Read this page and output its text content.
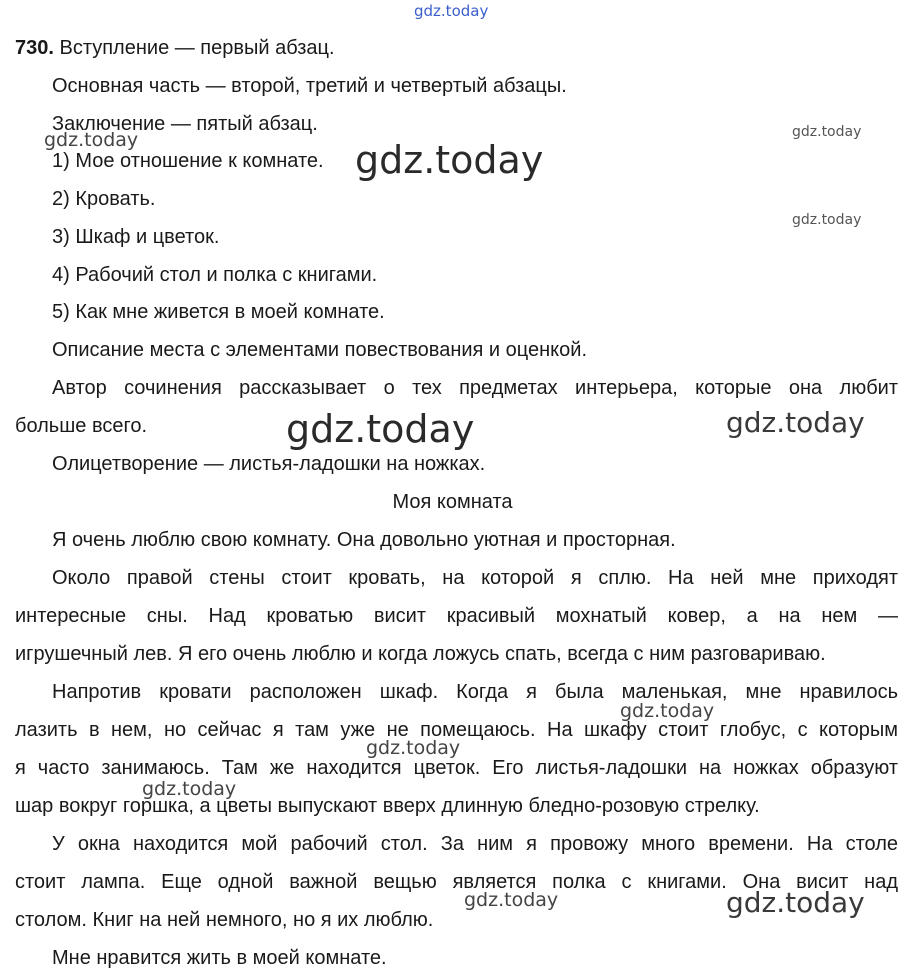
gdz.today
730. Вступление — первый абзац.
Основная часть — второй, третий и четвертый абзацы.
Заключение — пятый абзац.
1) Мое отношение к комнате.
2) Кровать.
3) Шкаф и цветок.
4) Рабочий стол и полка с книгами.
5) Как мне живется в моей комнате.
Описание места с элементами повествования и оценкой.
Автор сочинения рассказывает о тех предметах интерьера, которые она любит
больше всего.
Олицетворение — листья-ладошки на ножках.
Моя комната
Я очень люблю свою комнату. Она довольно уютная и просторная.
Около правой стены стоит кровать, на которой я сплю. На ней мне приходят
интересные сны. Над кроватью висит красивый мохнатый ковер, а на нем —
игрушечный лев. Я его очень люблю и когда ложусь спать, всегда с ним разговариваю.
Напротив кровати расположен шкаф. Когда я была маленькая, мне нравилось
лазить в нем, но сейчас я там уже не помещаюсь. На шкафу стоит глобус, с которым
я часто занимаюсь. Там же находится цветок. Его листья-ладошки на ножках образуют
шар вокруг горшка, а цветы выпускают вверх длинную бледно-розовую стрелку.
У окна находится мой рабочий стол. За ним я провожу много времени. На столе
стоит лампа. Еще одной важной вещью является полка с книгами. Она висит над
столом. Книг на ней немного, но я их люблю.
Мне нравится жить в моей комнате.
gdz.today	gdz.today
gdz.today
gdz.today
gdz.today	gdz.today
gdz.today
gdz.today
gdz.today
gdz.today	gdz.today
